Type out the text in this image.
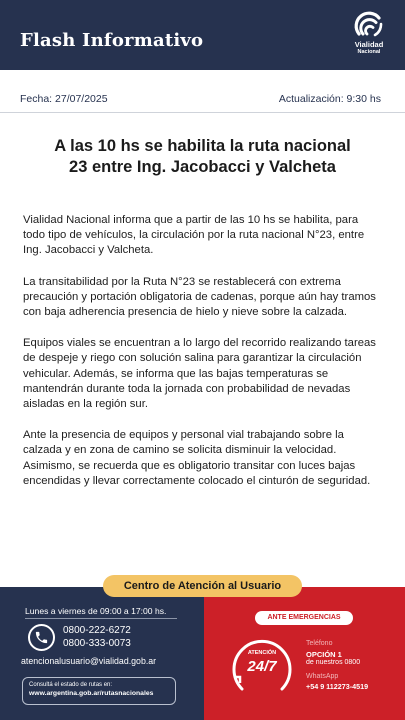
Flash Informativo	Vialidad
Nacional
Fecha: 27/07/2025	Actualización: 9:30 hs
A las 10 hs se habilita la ruta nacional
23 entre Ing. Jacobacci y Valcheta

Vialidad Nacional informa que a partir de las 10 hs se habilita, para todo tipo de vehículos, la circulación por la ruta nacional N°23, entre Ing. Jacobacci y Valcheta.

La transitabilidad por la Ruta N°23 se restablecerá con extrema precaución y portación obligatoria de cadenas, porque aún hay tramos con baja adherencia presencia de hielo y nieve sobre la calzada.

Equipos viales se encuentran a lo largo del recorrido realizando tareas de despeje y riego con solución salina para garantizar la circulación vehicular. Además, se informa que las bajas temperaturas se mantendrán durante toda la jornada con probabilidad de nevadas aisladas en la región sur.

Ante la presencia de equipos y personal vial trabajando sobre la calzada y en zona de camino se solicita disminuir la velocidad. Asimismo, se recuerda que es obligatorio transitar con luces bajas encendidas y llevar correctamente colocado el cinturón de seguridad.

Centro de Atención al Usuario
Lunes a viernes de 09:00 a 17:00 hs.
0800-222-6272
0800-333-0073
atencionalusuario@vialidad.gob.ar
Consultá el estado de rutas en:
www.argentina.gob.ar/rutasnacionales
ANTE EMERGENCIAS
ATENCIÓN
24/7
Teléfono
OPCIÓN 1
de nuestros 0800
WhatsApp
+54 9 112273-4519
